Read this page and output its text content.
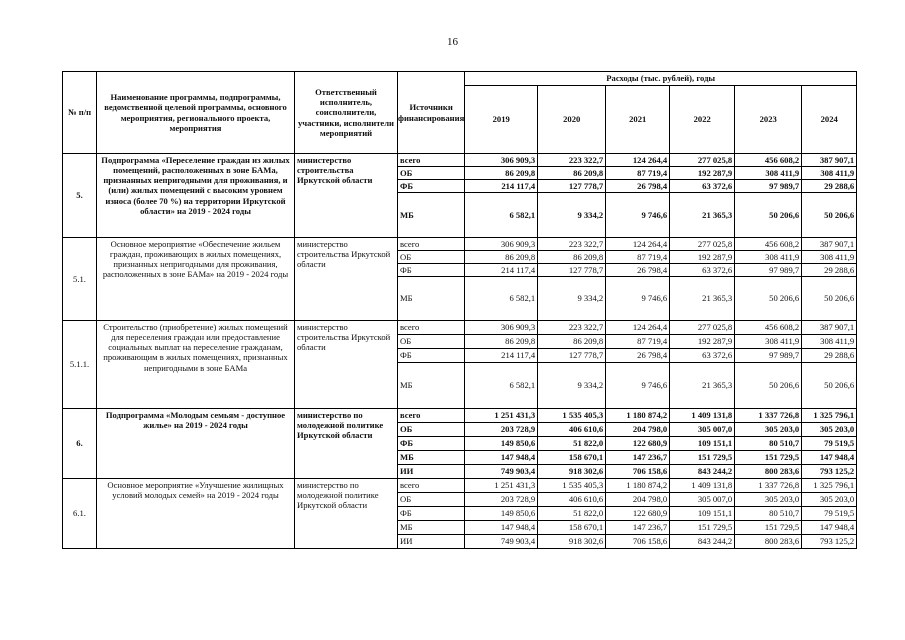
16
№ п/п	Наименование программы, подпрограммы, ведомственной целевой программы, основного мероприятия, регионального проекта, мероприятия	Ответственный исполнитель, соисполнители, участники, исполнители мероприятий	Источники финансирования	Расходы (тыс. рублей), годы					
				2019	2020	2021	2022	2023	2024
5.	Подпрограмма «Переселение граждан из жилых помещений, расположенных в зоне БАМа, признанных непригодными для проживания, и (или) жилых помещений с высоким уровнем износа (более 70 %) на территории Иркутской области» на 2019 - 2024 годы	министерство строительства Иркутской области	всего	306 909,3	223 322,7	124 264,4	277 025,8	456 608,2	387 907,1
			ОБ	86 209,8	86 209,8	87 719,4	192 287,9	308 411,9	308 411,9
			ФБ	214 117,4	127 778,7	26 798,4	63 372,6	97 989,7	29 288,6
			МБ	6 582,1	9 334,2	9 746,6	21 365,3	50 206,6	50 206,6
5.1.	Основное мероприятие «Обеспечение жильем граждан, проживающих в жилых помещениях, признанных непригодными для проживания, расположенных в зоне БАМа» на 2019 - 2024 годы	министерство строительства Иркутской области	всего	306 909,3	223 322,7	124 264,4	277 025,8	456 608,2	387 907,1
			ОБ	86 209,8	86 209,8	87 719,4	192 287,9	308 411,9	308 411,9
			ФБ	214 117,4	127 778,7	26 798,4	63 372,6	97 989,7	29 288,6
			МБ	6 582,1	9 334,2	9 746,6	21 365,3	50 206,6	50 206,6
5.1.1.	Строительство (приобретение) жилых помещений для переселения граждан или предоставление социальных выплат на переселение гражданам, проживающим в жилых помещениях, признанных непригодными в зоне БАМа	министерство строительства Иркутской области	всего	306 909,3	223 322,7	124 264,4	277 025,8	456 608,2	387 907,1
			ОБ	86 209,8	86 209,8	87 719,4	192 287,9	308 411,9	308 411,9
			ФБ	214 117,4	127 778,7	26 798,4	63 372,6	97 989,7	29 288,6
			МБ	6 582,1	9 334,2	9 746,6	21 365,3	50 206,6	50 206,6
6.	Подпрограмма «Молодым семьям - доступное жилье» на 2019 - 2024 годы	министерство по молодежной политике Иркутской области	всего	1 251 431,3	1 535 405,3	1 180 874,2	1 409 131,8	1 337 726,8	1 325 796,1
			ОБ	203 728,9	406 610,6	204 798,0	305 007,0	305 203,0	305 203,0
			ФБ	149 850,6	51 822,0	122 680,9	109 151,1	80 510,7	79 519,5
			МБ	147 948,4	158 670,1	147 236,7	151 729,5	151 729,5	147 948,4
			ИИ	749 903,4	918 302,6	706 158,6	843 244,2	800 283,6	793 125,2
6.1.	Основное мероприятие «Улучшение жилищных условий молодых семей» на 2019 - 2024 годы	министерство по молодежной политике Иркутской области	всего	1 251 431,3	1 535 405,3	1 180 874,2	1 409 131,8	1 337 726,8	1 325 796,1
			ОБ	203 728,9	406 610,6	204 798,0	305 007,0	305 203,0	305 203,0
			ФБ	149 850,6	51 822,0	122 680,9	109 151,1	80 510,7	79 519,5
			МБ	147 948,4	158 670,1	147 236,7	151 729,5	151 729,5	147 948,4
			ИИ	749 903,4	918 302,6	706 158,6	843 244,2	800 283,6	793 125,2
